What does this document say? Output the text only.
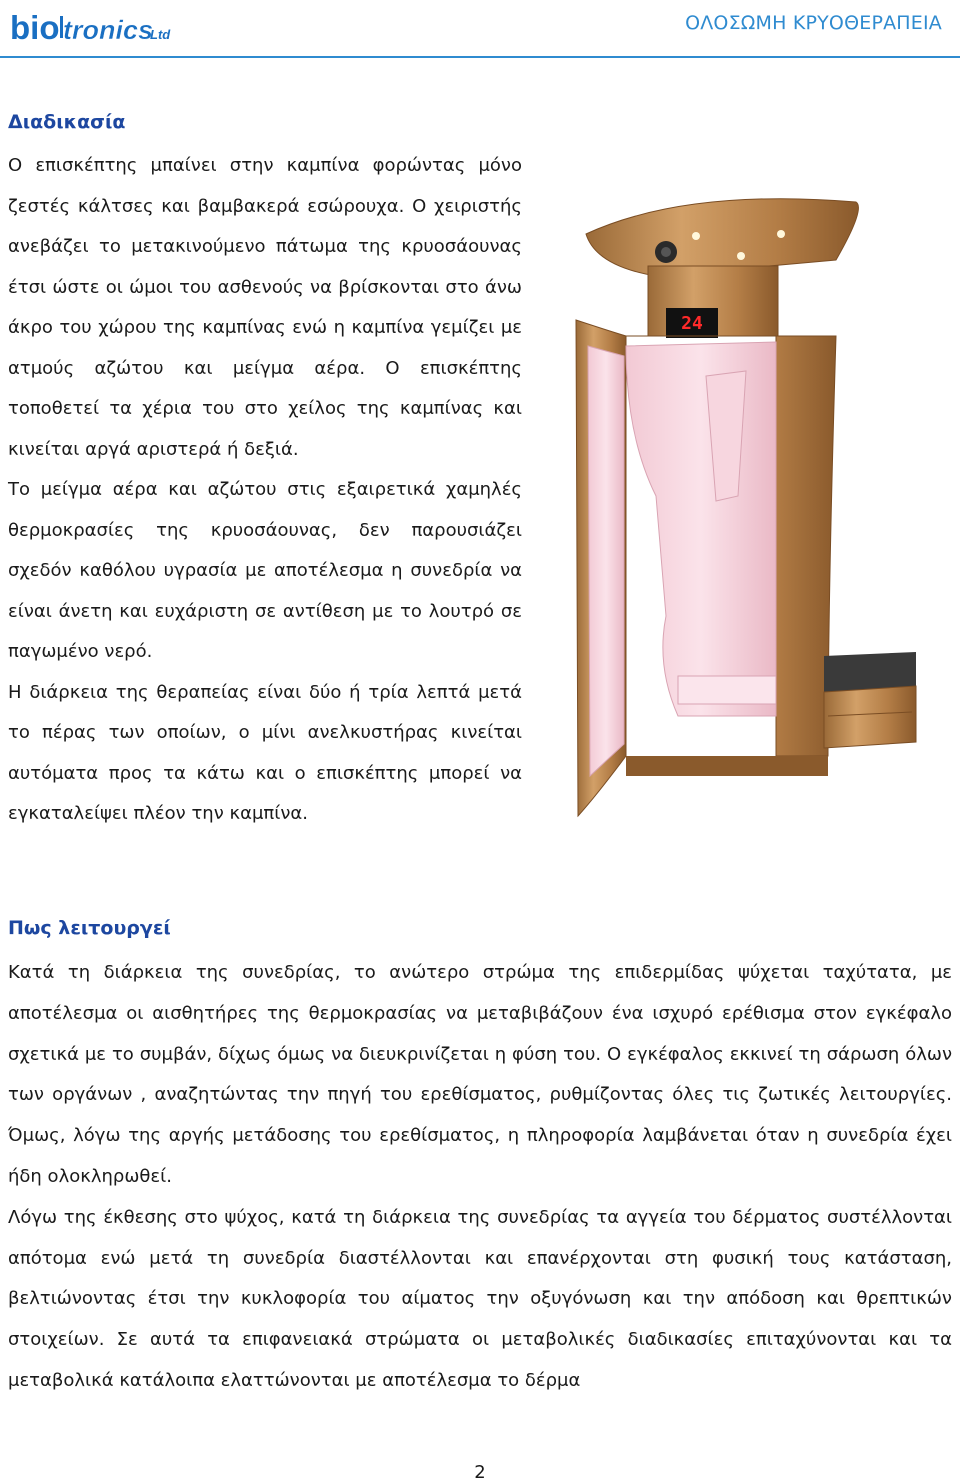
bio tronics
Ltd
ΟΛΟΣΩΜΗ ΚΡΥΟΘΕΡΑΠΕΙΑ
Διαδικασία

Ο επισκέπτης μπαίνει στην καμπίνα φορώντας μόνο ζεστές κάλτσες και βαμβακερά εσώρουχα. Ο χειριστής ανεβάζει το μετακινούμενο πάτωμα της κρυοσάουνας έτσι ώστε οι ώμοι του ασθενούς να βρίσκονται στο άνω άκρο του χώρου της καμπίνας ενώ η καμπίνα γεμίζει με ατμούς αζώτου και μείγμα αέρα. Ο επισκέπτης τοποθετεί τα χέρια του στο χείλος της καμπίνας και κινείται αργά αριστερά ή δεξιά.

Το μείγμα αέρα και αζώτου στις εξαιρετικά χαμηλές θερμοκρασίες της κρυοσάουνας, δεν παρουσιάζει σχεδόν καθόλου υγρασία με αποτέλεσμα η συνεδρία να είναι άνετη και ευχάριστη σε αντίθεση με το λουτρό σε παγωμένο νερό.

Η διάρκεια της θεραπείας είναι δύο ή τρία λεπτά μετά το πέρας των οποίων, ο μίνι ανελκυστήρας κινείται αυτόματα προς τα κάτω και ο επισκέπτης μπορεί να εγκαταλείψει πλέον την καμπίνα.

24
Πως λειτουργεί

Κατά τη διάρκεια της συνεδρίας, το ανώτερο στρώμα της επιδερμίδας ψύχεται ταχύτατα, με αποτέλεσμα οι αισθητήρες της θερμοκρασίας να μεταβιβάζουν ένα ισχυρό ερέθισμα στον εγκέφαλο σχετικά με το συμβάν, δίχως όμως να διευκρινίζεται η φύση του. Ο εγκέφαλος εκκινεί τη σάρωση όλων των οργάνων , αναζητώντας την πηγή του ερεθίσματος, ρυθμίζοντας όλες τις ζωτικές λειτουργίες. Όμως, λόγω της αργής μετάδοσης του ερεθίσματος, η πληροφορία λαμβάνεται όταν η συνεδρία έχει ήδη ολοκληρωθεί.

Λόγω της έκθεσης στο ψύχος, κατά τη διάρκεια της συνεδρίας τα αγγεία του δέρματος συστέλλονται απότομα ενώ μετά τη συνεδρία διαστέλλονται και επανέρχονται στη φυσική τους κατάσταση, βελτιώνοντας έτσι την κυκλοφορία του αίματος την οξυγόνωση και την απόδοση και θρεπτικών στοιχείων. Σε αυτά τα επιφανειακά στρώματα οι μεταβολικές διαδικασίες επιταχύνονται και τα μεταβολικά κατάλοιπα ελαττώνονται με αποτέλεσμα το δέρμα

2
